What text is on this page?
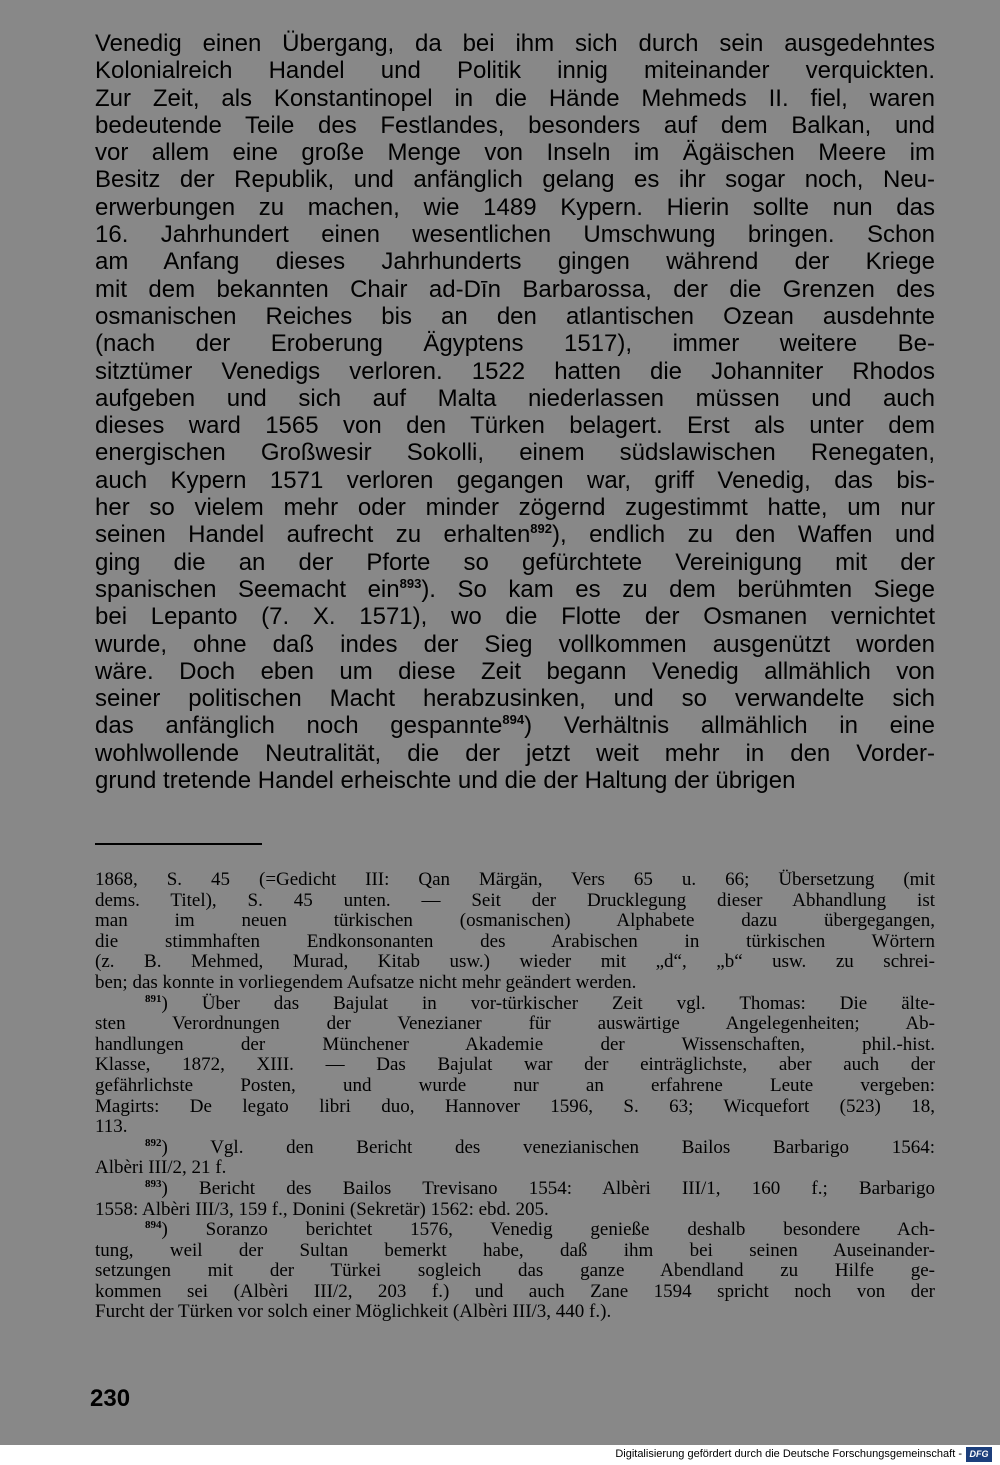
Venedig einen Übergang, da bei ihm sich durch sein ausgedehntes
Kolonialreich Handel und Politik innig miteinander verquickten.
Zur Zeit, als Konstantinopel in die Hände Mehmeds II. fiel, waren
bedeutende Teile des Festlandes, besonders auf dem Balkan, und
vor allem eine große Menge von Inseln im Ägäischen Meere im
Besitz der Republik, und anfänglich gelang es ihr sogar noch, Neu-
erwerbungen zu machen, wie 1489 Kypern. Hierin sollte nun das
16. Jahrhundert einen wesentlichen Umschwung bringen. Schon
am Anfang dieses Jahrhunderts gingen während der Kriege
mit dem bekannten Chair ad-Dīn Barbarossa, der die Grenzen des
osmanischen Reiches bis an den atlantischen Ozean ausdehnte
(nach der Eroberung Ägyptens 1517), immer weitere Be-
sitztümer Venedigs verloren. 1522 hatten die Johanniter Rhodos
aufgeben und sich auf Malta niederlassen müssen und auch
dieses ward 1565 von den Türken belagert. Erst als unter dem
energischen Großwesir Sokolli, einem südslawischen Renegaten,
auch Kypern 1571 verloren gegangen war, griff Venedig, das bis-
her so vielem mehr oder minder zögernd zugestimmt hatte, um nur
seinen Handel aufrecht zu erhalten$^{892}$), endlich zu den Waffen und
ging die an der Pforte so gefürchtete Vereinigung mit der
spanischen Seemacht ein$^{893}$). So kam es zu dem berühmten Siege
bei Lepanto (7. X. 1571), wo die Flotte der Osmanen vernichtet
wurde, ohne daß indes der Sieg vollkommen ausgenützt worden
wäre. Doch eben um diese Zeit begann Venedig allmählich von
seiner politischen Macht herabzusinken, und so verwandelte sich
das anfänglich noch gespannte$^{894}$) Verhältnis allmählich in eine
wohlwollende Neutralität, die der jetzt weit mehr in den Vorder-
grund tretende Handel erheischte und die der Haltung der übrigen
1868, S. 45 (=Gedicht III: Qan Märgän, Vers 65 u. 66; Übersetzung (mit
dems. Titel), S. 45 unten. — Seit der Drucklegung dieser Abhandlung ist
man im neuen türkischen (osmanischen) Alphabete dazu übergegangen,
die stimmhaften Endkonsonanten des Arabischen in türkischen Wörtern
(z. B. Mehmed, Murad, Kitab usw.) wieder mit „d“, „b“ usw. zu schrei-
ben; das konnte in vorliegendem Aufsatze nicht mehr geändert werden.
$^{891}$) Über das Bajulat in vor-türkischer Zeit vgl. Thomas: Die älte-
sten Verordnungen der Venezianer für auswärtige Angelegenheiten; Ab-
handlungen der Münchener Akademie der Wissenschaften, phil.-hist.
Klasse, 1872, XIII. — Das Bajulat war der einträglichste, aber auch der
gefährlichste Posten, und wurde nur an erfahrene Leute vergeben:
Magirts: De legato libri duo, Hannover 1596, S. 63; Wicquefort (523) 18,
113.
$^{892}$) Vgl. den Bericht des venezianischen Bailos Barbarigo 1564:
Albèri III/2, 21 f.
$^{893}$) Bericht des Bailos Trevisano 1554: Albèri III/1, 160 f.; Barbarigo
1558: Albèri III/3, 159 f., Donini (Sekretär) 1562: ebd. 205.
$^{894}$) Soranzo berichtet 1576, Venedig genieße deshalb besondere Ach-
tung, weil der Sultan bemerkt habe, daß ihm bei seinen Auseinander-
setzungen mit der Türkei sogleich das ganze Abendland zu Hilfe ge-
kommen sei (Albèri III/2, 203 f.) und auch Zane 1594 spricht noch von der
Furcht der Türken vor solch einer Möglichkeit (Albèri III/3, 440 f.).
230
Digitalisierung gefördert durch die Deutsche Forschungsgemeinschaft - DFG
